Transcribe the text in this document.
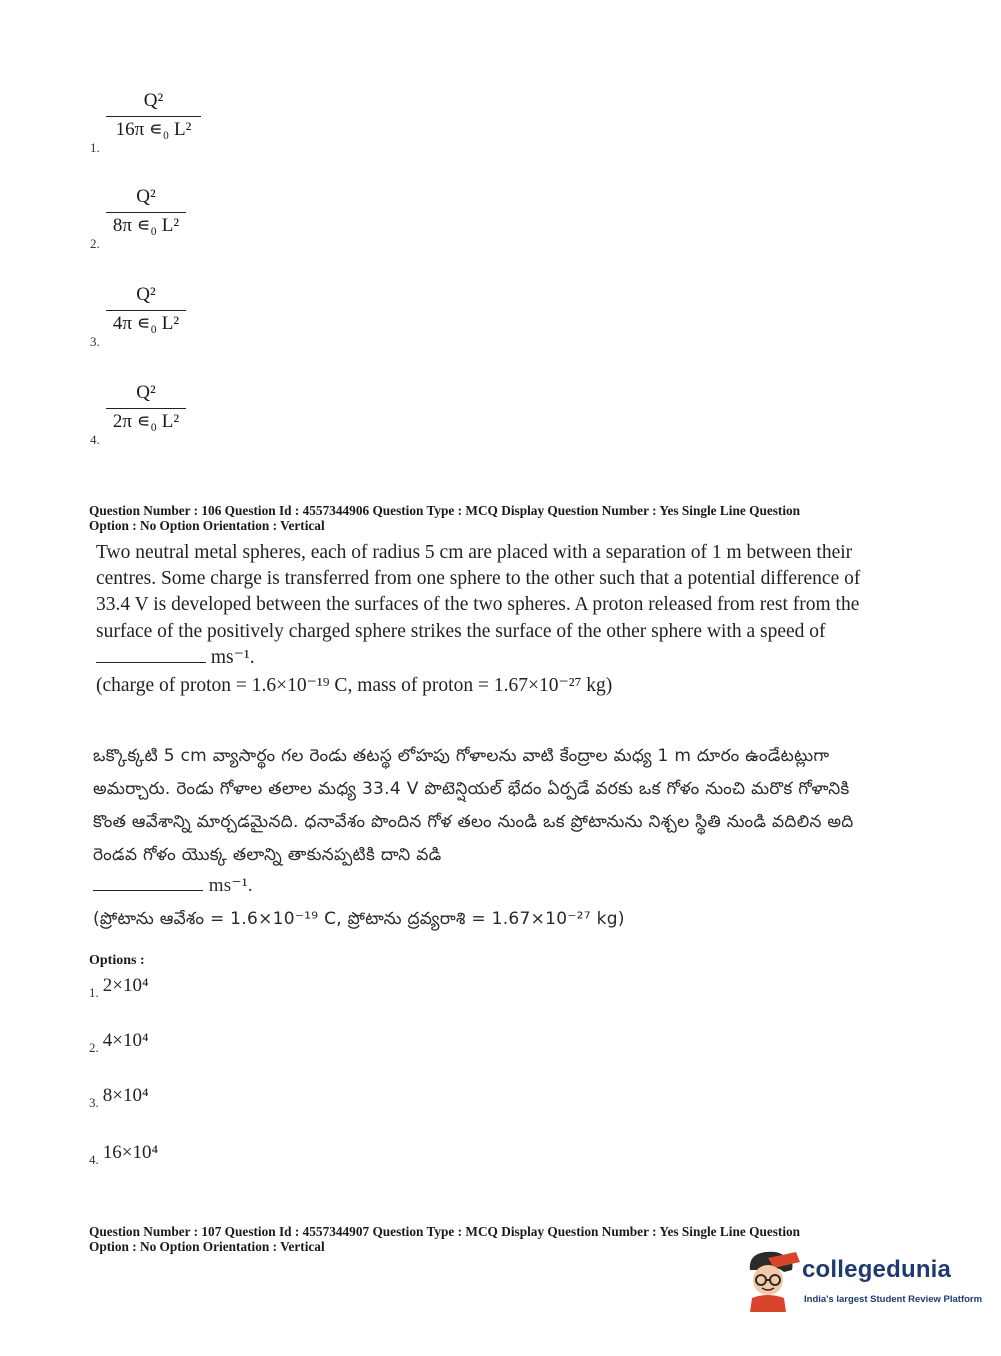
1.
Q²
16π ∊₀ L²
2.
Q²
8π ∊₀ L²
3.
Q²
4π ∊₀ L²
4.
Q²
2π ∊₀ L²
Question Number : 106 Question Id : 4557344906 Question Type : MCQ Display Question Number : Yes Single Line Question
Option : No Option Orientation : Vertical
Two neutral metal spheres, each of radius 5 cm are placed with a separation of 1 m between their centres. Some charge is transferred from one sphere to the other such that a potential difference of 33.4 V is developed between the surfaces of the two spheres. A proton released from rest from the surface of the positively charged sphere strikes the surface of the other sphere with a speed of  ms⁻¹.
(charge of proton = 1.6×10⁻¹⁹ C, mass of proton = 1.67×10⁻²⁷ kg)
ఒక్కొక్కటి 5 cm వ్యాసార్థం గల రెండు తటస్థ లోహపు గోళాలను వాటి కేంద్రాల మధ్య 1 m దూరం ఉండేటట్లుగా అమర్చారు. రెండు గోళాల తలాల మధ్య 33.4 V పొటెన్షియల్ భేదం ఏర్పడే వరకు ఒక గోళం నుంచి మరొక గోళానికి కొంత ఆవేశాన్ని మార్చడమైనది. ధనావేశం పొందిన గోళ తలం నుండి ఒక ప్రోటానును నిశ్చల స్థితి నుండి వదిలిన అది రెండవ గోళం యొక్క తలాన్ని తాకునప్పటికి దాని వడి
ms⁻¹.
(ప్రోటాను ఆవేశం = 1.6×10⁻¹⁹ C, ప్రోటాను ద్రవ్యరాశి = 1.67×10⁻²⁷ kg)
Options :
$_{1.}$ 2×10⁴
$_{2.}$ 4×10⁴
$_{3.}$ 8×10⁴
$_{4.}$ 16×10⁴
Question Number : 107 Question Id : 4557344907 Question Type : MCQ Display Question Number : Yes Single Line Question
Option : No Option Orientation : Vertical
collegedunia
India's largest Student Review Platform
